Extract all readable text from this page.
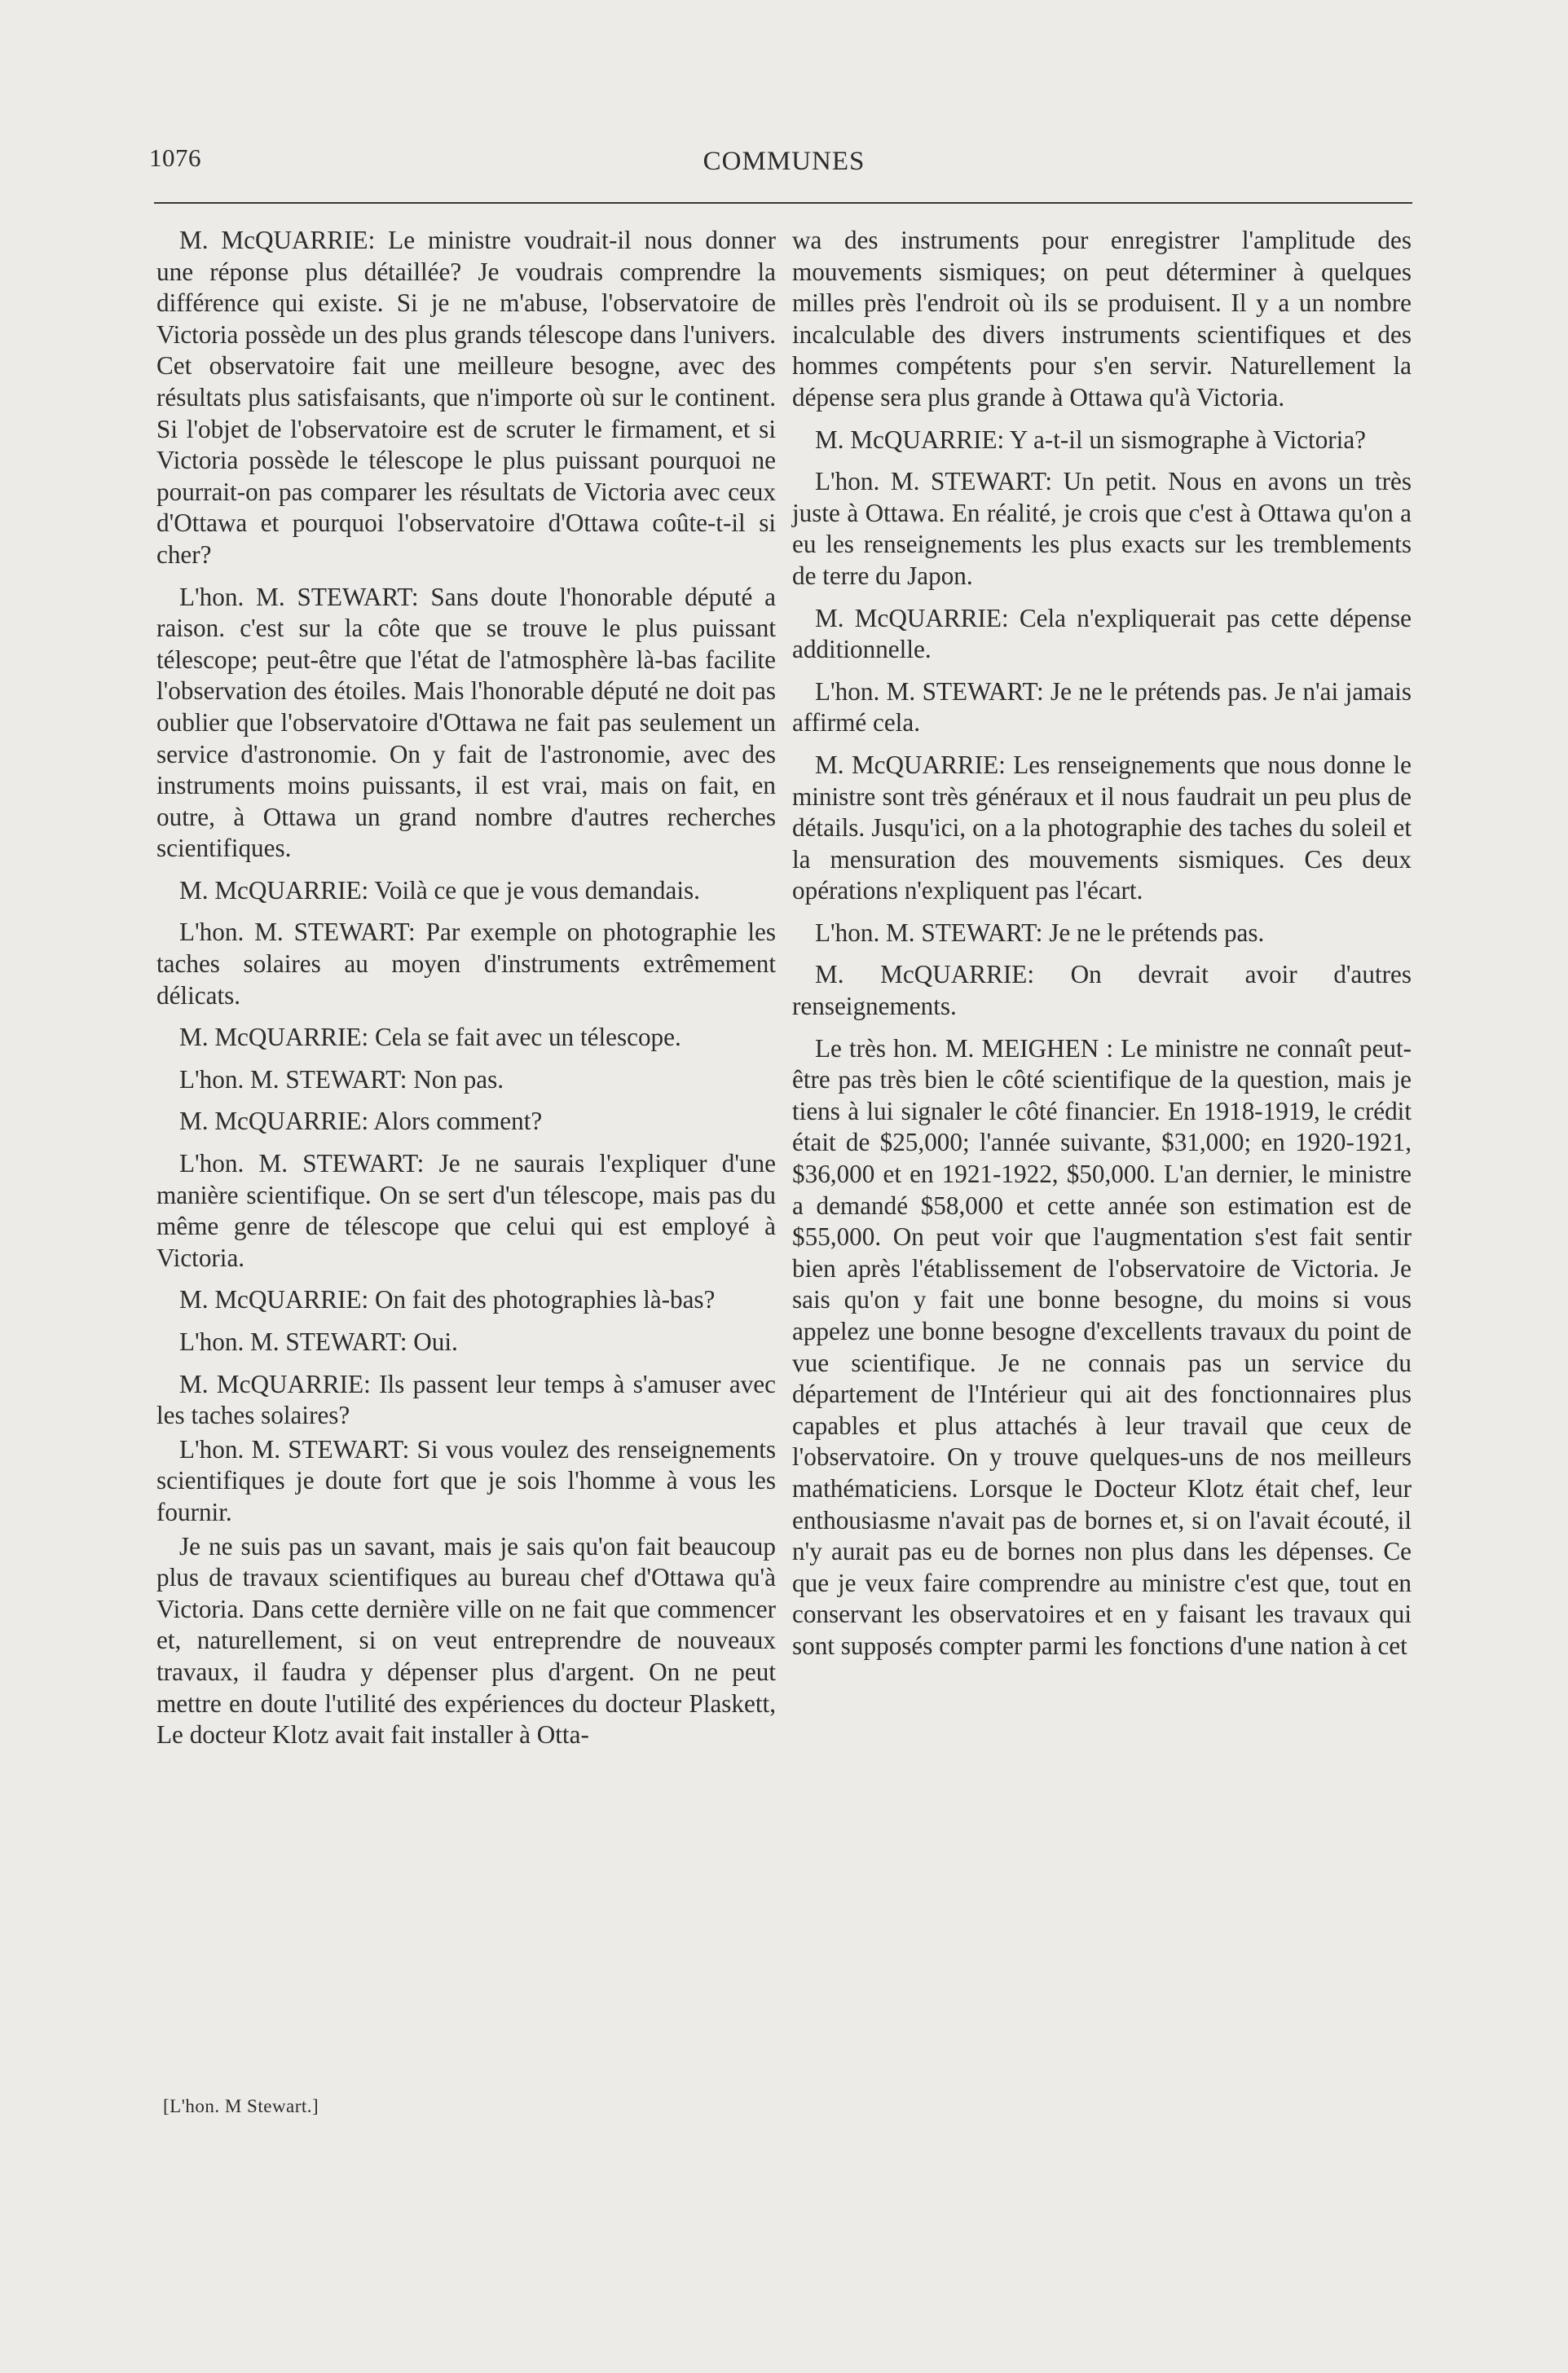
1076	COMMUNES

M. McQUARRIE: Le ministre voudrait-il nous donner une réponse plus détaillée? Je voudrais comprendre la différence qui existe. Si je ne m'abuse, l'observatoire de Victoria possède un des plus grands télescope dans l'univers. Cet observatoire fait une meilleure besogne, avec des résultats plus satisfaisants, que n'importe où sur le continent. Si l'objet de l'observatoire est de scruter le firmament, et si Victoria possède le télescope le plus puissant pourquoi ne pourrait-on pas comparer les résultats de Victoria avec ceux d'Ottawa et pourquoi l'observatoire d'Ottawa coûte-t-il si cher?

L'hon. M. STEWART: Sans doute l'honorable député a raison. c'est sur la côte que se trouve le plus puissant télescope; peut-être que l'état de l'atmosphère là-bas facilite l'observation des étoiles. Mais l'honorable député ne doit pas oublier que l'observatoire d'Ottawa ne fait pas seulement un service d'astronomie. On y fait de l'astronomie, avec des instruments moins puissants, il est vrai, mais on fait, en outre, à Ottawa un grand nombre d'autres recherches scientifiques.

M. McQUARRIE: Voilà ce que je vous demandais.

L'hon. M. STEWART: Par exemple on photographie les taches solaires au moyen d'instruments extrêmement délicats.

M. McQUARRIE: Cela se fait avec un télescope.

L'hon. M. STEWART: Non pas.

M. McQUARRIE: Alors comment?

L'hon. M. STEWART: Je ne saurais l'expliquer d'une manière scientifique. On se sert d'un télescope, mais pas du même genre de télescope que celui qui est employé à Victoria.

M. McQUARRIE: On fait des photographies là-bas?

L'hon. M. STEWART: Oui.

M. McQUARRIE: Ils passent leur temps à s'amuser avec les taches solaires?

L'hon. M. STEWART: Si vous voulez des renseignements scientifiques je doute fort que je sois l'homme à vous les fournir.

Je ne suis pas un savant, mais je sais qu'on fait beaucoup plus de travaux scientifiques au bureau chef d'Ottawa qu'à Victoria. Dans cette dernière ville on ne fait que commencer et, naturellement, si on veut entreprendre de nouveaux travaux, il faudra y dépenser plus d'argent. On ne peut mettre en doute l'utilité des expériences du docteur Plaskett, Le docteur Klotz avait fait installer à Otta-

wa des instruments pour enregistrer l'amplitude des mouvements sismiques; on peut déterminer à quelques milles près l'endroit où ils se produisent. Il y a un nombre incalculable des divers instruments scientifiques et des hommes compétents pour s'en servir. Naturellement la dépense sera plus grande à Ottawa qu'à Victoria.

M. McQUARRIE: Y a-t-il un sismographe à Victoria?

L'hon. M. STEWART: Un petit. Nous en avons un très juste à Ottawa. En réalité, je crois que c'est à Ottawa qu'on a eu les renseignements les plus exacts sur les tremblements de terre du Japon.

M. McQUARRIE: Cela n'expliquerait pas cette dépense additionnelle.

L'hon. M. STEWART: Je ne le prétends pas. Je n'ai jamais affirmé cela.

M. McQUARRIE: Les renseignements que nous donne le ministre sont très généraux et il nous faudrait un peu plus de détails. Jusqu'ici, on a la photographie des taches du soleil et la mensuration des mouvements sismiques. Ces deux opérations n'expliquent pas l'écart.

L'hon. M. STEWART: Je ne le prétends pas.

M. McQUARRIE: On devrait avoir d'autres renseignements.

Le très hon. M. MEIGHEN : Le ministre ne connaît peut-être pas très bien le côté scientifique de la question, mais je tiens à lui signaler le côté financier. En 1918-1919, le crédit était de $25,000; l'année suivante, $31,000; en 1920-1921, $36,000 et en 1921-1922, $50,000. L'an dernier, le ministre a demandé $58,000 et cette année son estimation est de $55,000. On peut voir que l'augmentation s'est fait sentir bien après l'établissement de l'observatoire de Victoria. Je sais qu'on y fait une bonne besogne, du moins si vous appelez une bonne besogne d'excellents travaux du point de vue scientifique. Je ne connais pas un service du département de l'Intérieur qui ait des fonctionnaires plus capables et plus attachés à leur travail que ceux de l'observatoire. On y trouve quelques-uns de nos meilleurs mathématiciens. Lorsque le Docteur Klotz était chef, leur enthousiasme n'avait pas de bornes et, si on l'avait écouté, il n'y aurait pas eu de bornes non plus dans les dépenses. Ce que je veux faire comprendre au ministre c'est que, tout en conservant les observatoires et en y faisant les travaux qui sont supposés compter parmi les fonctions d'une nation à cet

[L'hon. M Stewart.]
